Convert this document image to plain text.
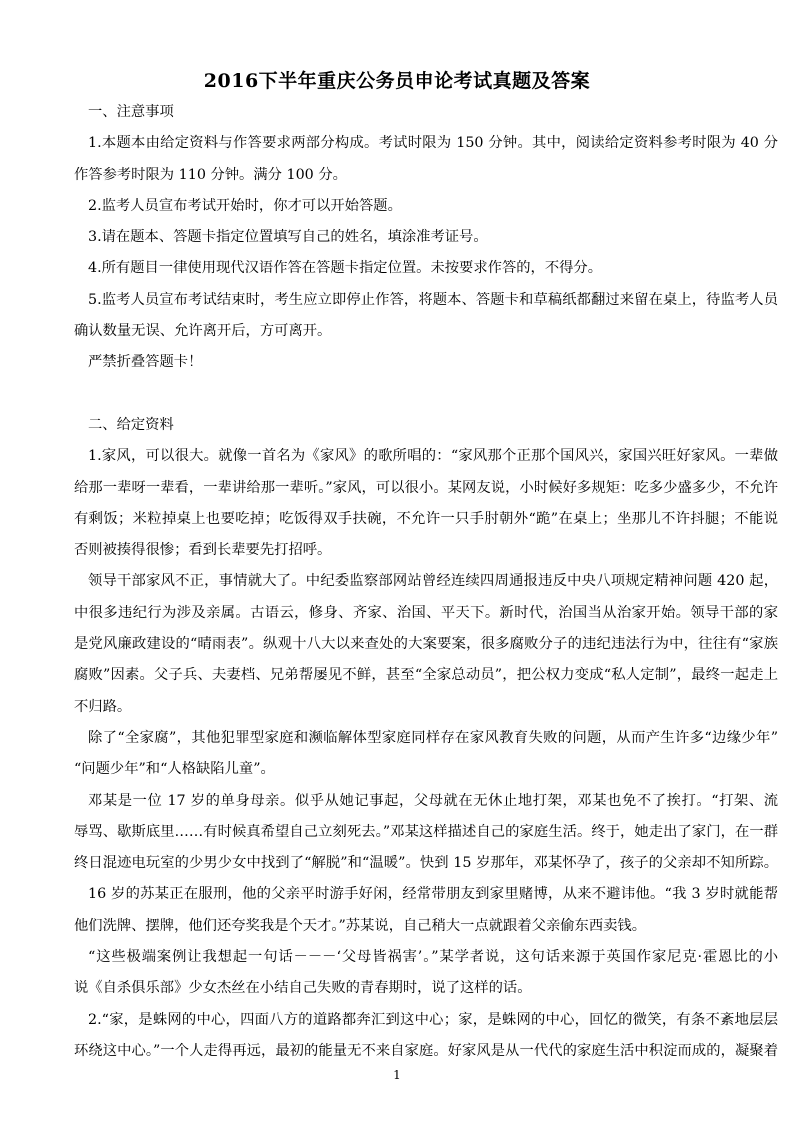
2016下半年重庆公务员申论考试真题及答案
一、注意事项
1.本题本由给定资料与作答要求两部分构成。考试时限为 150 分钟。其中，阅读给定资料参考时限为 40 分
作答参考时限为 110 分钟。满分 100 分。
2.监考人员宣布考试开始时，你才可以开始答题。
3.请在题本、答题卡指定位置填写自己的姓名，填涂准考证号。
4.所有题目一律使用现代汉语作答在答题卡指定位置。未按要求作答的，不得分。
5.监考人员宣布考试结束时，考生应立即停止作答，将题本、答题卡和草稿纸都翻过来留在桌上，待监考人员
确认数量无误、允许离开后，方可离开。
严禁折叠答题卡！
二、给定资料
1.家风，可以很大。就像一首名为《家风》的歌所唱的：“家风那个正那个国风兴，家国兴旺好家风。一辈做
给那一辈呀一辈看，一辈讲给那一辈听。”家风，可以很小。某网友说，小时候好多规矩：吃多少盛多少，不允许
有剩饭；米粒掉桌上也要吃掉；吃饭得双手扶碗，不允许一只手肘朝外“跪”在桌上；坐那儿不许抖腿；不能说
否则被揍得很惨；看到长辈要先打招呼。
领导干部家风不正，事情就大了。中纪委监察部网站曾经连续四周通报违反中央八项规定精神问题 420 起，
中很多违纪行为涉及亲属。古语云，修身、齐家、治国、平天下。新时代，治国当从治家开始。领导干部的家
是党风廉政建设的“晴雨表”。纵观十八大以来查处的大案要案，很多腐败分子的违纪违法行为中，往往有“家族
腐败”因素。父子兵、夫妻档、兄弟帮屡见不鲜，甚至“全家总动员”，把公权力变成“私人定制”，最终一起走上
不归路。
除了“全家腐”，其他犯罪型家庭和濒临解体型家庭同样存在家风教育失败的问题，从而产生许多“边缘少年”
“问题少年”和“人格缺陷儿童”。
邓某是一位 17 岁的单身母亲。似乎从她记事起，父母就在无休止地打架，邓某也免不了挨打。“打架、流
辱骂、歇斯底里……有时候真希望自己立刻死去。”邓某这样描述自己的家庭生活。终于，她走出了家门，在一群
终日混迹电玩室的少男少女中找到了“解脱”和“温暖”。快到 15 岁那年，邓某怀孕了，孩子的父亲却不知所踪。
16 岁的苏某正在服刑，他的父亲平时游手好闲，经常带朋友到家里赌博，从来不避讳他。“我 3 岁时就能帮
他们洗牌、摆牌，他们还夸奖我是个天才。”苏某说，自己稍大一点就跟着父亲偷东西卖钱。
“这些极端案例让我想起一句话－－－‘父母皆祸害’。”某学者说，这句话来源于英国作家尼克·霍恩比的小
说《自杀俱乐部》少女杰丝在小结自己失败的青春期时，说了这样的话。
2.“家，是蛛网的中心，四面八方的道路都奔汇到这中心；家，是蛛网的中心，回忆的微笑，有条不紊地层层
环绕这中心。”一个人走得再远，最初的能量无不来自家庭。好家风是从一代代的家庭生活中积淀而成的，凝聚着
1
